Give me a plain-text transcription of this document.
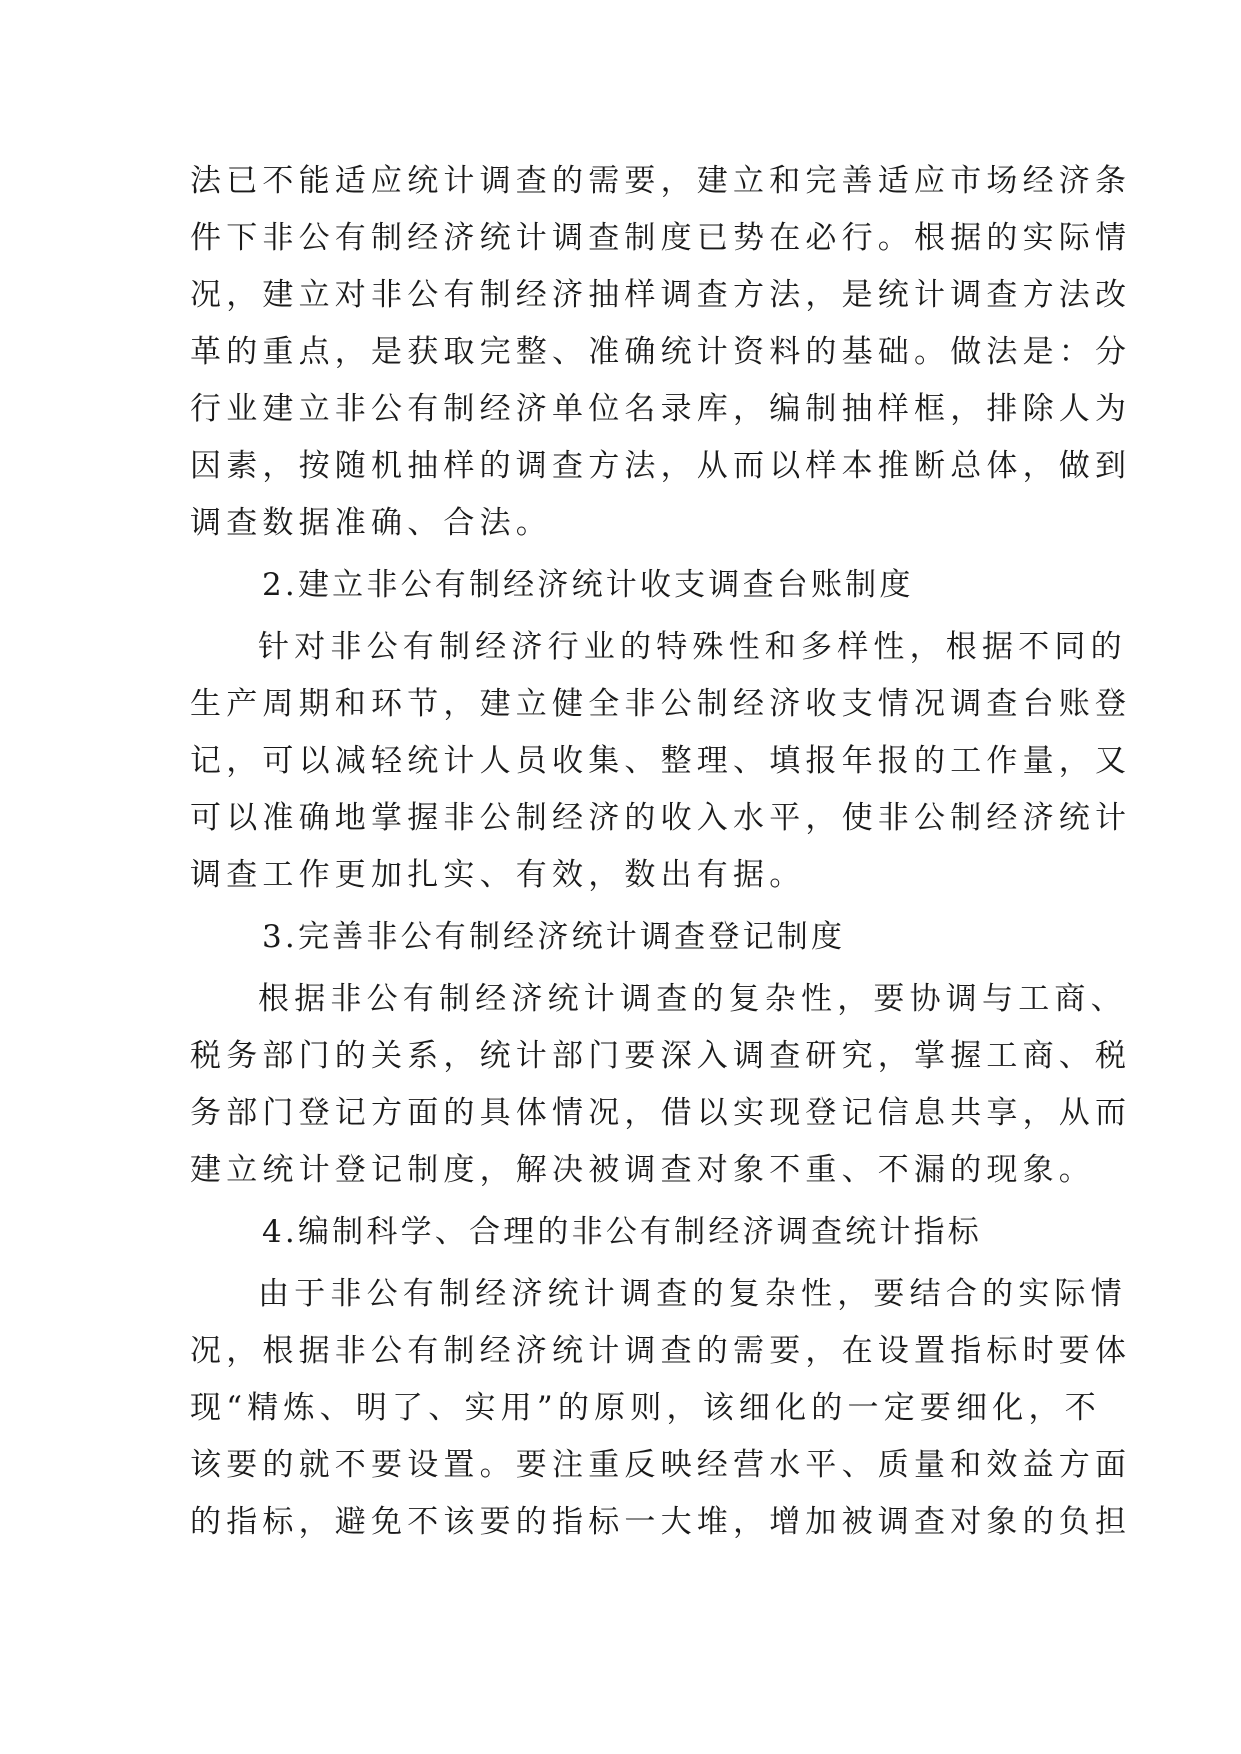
法已不能适应统计调查的需要，建立和完善适应市场经济条
件下非公有制经济统计调查制度已势在必行。根据的实际情
况，建立对非公有制经济抽样调查方法，是统计调查方法改
革的重点，是获取完整、准确统计资料的基础。做法是：分
行业建立非公有制经济单位名录库，编制抽样框，排除人为
因素，按随机抽样的调查方法，从而以样本推断总体，做到
调查数据准确、合法。
2.建立非公有制经济统计收支调查台账制度
针对非公有制经济行业的特殊性和多样性，根据不同的
生产周期和环节，建立健全非公制经济收支情况调查台账登
记，可以减轻统计人员收集、整理、填报年报的工作量，又
可以准确地掌握非公制经济的收入水平，使非公制经济统计
调查工作更加扎实、有效，数出有据。
3.完善非公有制经济统计调查登记制度
根据非公有制经济统计调查的复杂性，要协调与工商、
税务部门的关系，统计部门要深入调查研究，掌握工商、税
务部门登记方面的具体情况，借以实现登记信息共享，从而
建立统计登记制度，解决被调查对象不重、不漏的现象。
4.编制科学、合理的非公有制经济调查统计指标
由于非公有制经济统计调查的复杂性，要结合的实际情
况，根据非公有制经济统计调查的需要，在设置指标时要体
现“精炼、明了、实用”的原则，该细化的一定要细化，不
该要的就不要设置。要注重反映经营水平、质量和效益方面
的指标，避免不该要的指标一大堆，增加被调查对象的负担
